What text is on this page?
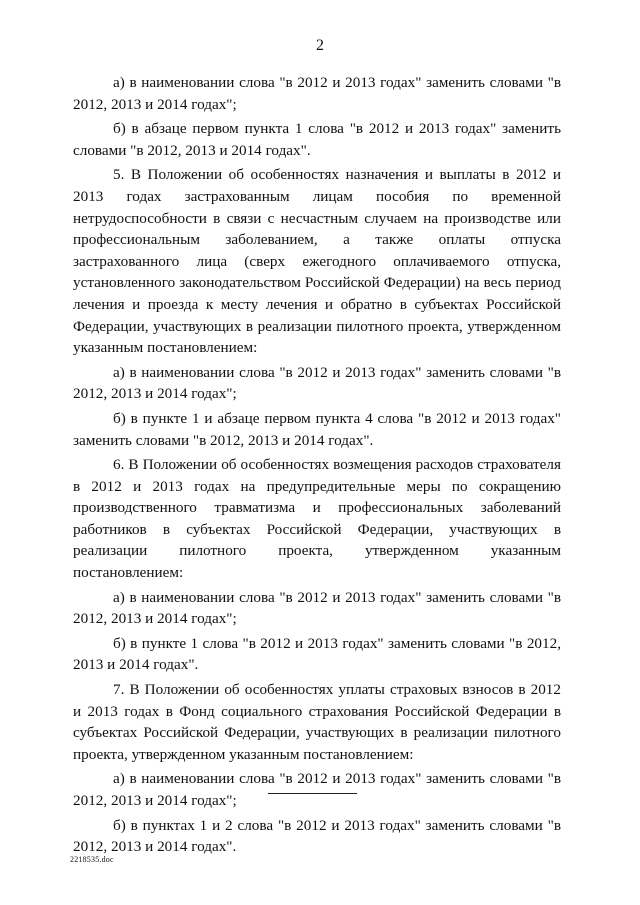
2

а) в наименовании слова "в 2012 и 2013 годах" заменить словами "в 2012, 2013 и 2014 годах";

б) в абзаце первом пункта 1 слова "в 2012 и 2013 годах" заменить словами "в 2012, 2013 и 2014 годах".

5. В Положении об особенностях назначения и выплаты в 2012 и 2013 годах застрахованным лицам пособия по временной нетрудоспособности в связи с несчастным случаем на производстве или профессиональным заболеванием, а также оплаты отпуска застрахованного лица (сверх ежегодного оплачиваемого отпуска, установленного законодательством Российской Федерации) на весь период лечения и проезда к месту лечения и обратно в субъектах Российской Федерации, участвующих в реализации пилотного проекта, утвержденном указанным постановлением:

а) в наименовании слова "в 2012 и 2013 годах" заменить словами "в 2012, 2013 и 2014 годах";

б) в пункте 1 и абзаце первом пункта 4 слова "в 2012 и 2013 годах" заменить словами "в 2012, 2013 и 2014 годах".

6. В Положении об особенностях возмещения расходов страхователя в 2012 и 2013 годах на предупредительные меры по сокращению производственного травматизма и профессиональных заболеваний работников в субъектах Российской Федерации, участвующих в реализации пилотного проекта, утвержденном указанным постановлением:

а) в наименовании слова "в 2012 и 2013 годах" заменить словами "в 2012, 2013 и 2014 годах";

б) в пункте 1 слова "в 2012 и 2013 годах" заменить словами "в 2012, 2013 и 2014 годах".

7. В Положении об особенностях уплаты страховых взносов в 2012 и 2013 годах в Фонд социального страхования Российской Федерации в субъектах Российской Федерации, участвующих в реализации пилотного проекта, утвержденном указанным постановлением:

а) в наименовании слова "в 2012 и 2013 годах" заменить словами "в 2012, 2013 и 2014 годах";

б) в пунктах 1 и 2 слова "в 2012 и 2013 годах" заменить словами "в 2012, 2013 и 2014 годах".

2218535.doc
